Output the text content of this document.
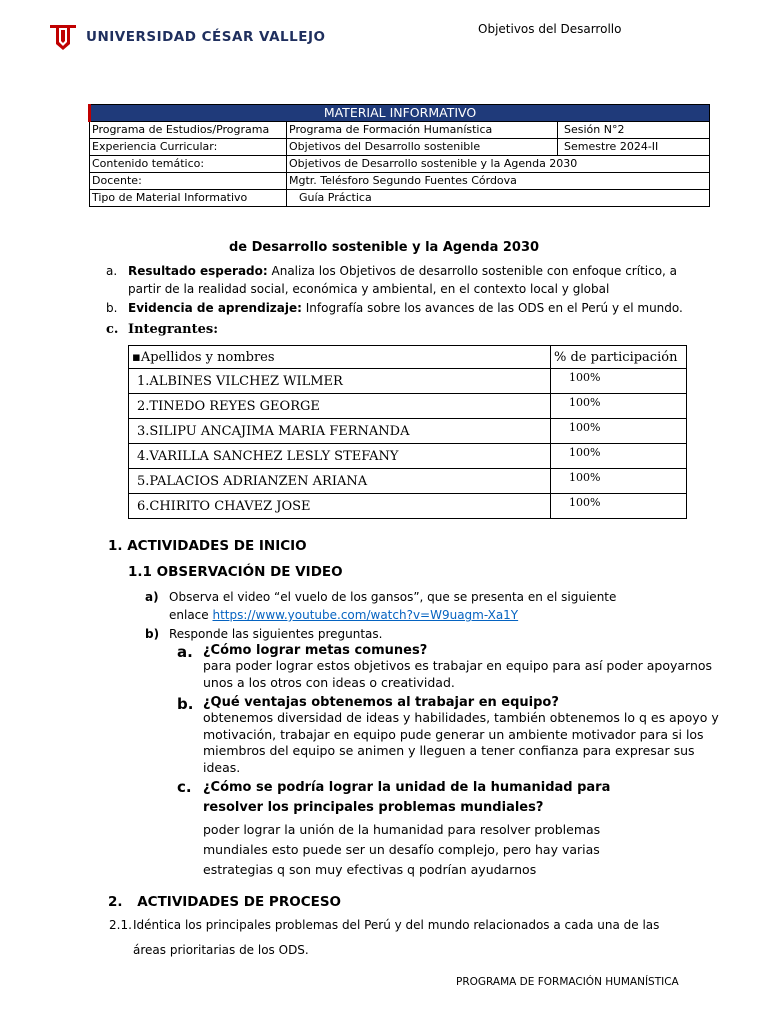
UNIVERSIDAD CÉSAR VALLEJO	Objetivos del Desarrollo
MATERIAL INFORMATIVO		
Programa de Estudios/Programa	Programa de Formación Humanística	Sesión N°2
Experiencia Curricular:	Objetivos del Desarrollo sostenible	Semestre 2024-II
Contenido temático:	Objetivos de Desarrollo sostenible y la Agenda 2030	
Docente:	Mgtr. Telésforo Segundo Fuentes Córdova	
Tipo de Material Informativo	Guía Práctica	
de Desarrollo sostenible y la Agenda 2030
a. Resultado esperado: Analiza los Objetivos de desarrollo sostenible con enfoque crítico, a partir de la realidad social, económica y ambiental, en el contexto local y global
b. Evidencia de aprendizaje: Infografía sobre los avances de las ODS en el Perú y el mundo.
c. Integrantes:
▪Apellidos y nombres	% de participación
1.ALBINES VILCHEZ WILMER	100%
2.TINEDO REYES GEORGE	100%
3.SILIPU ANCAJIMA MARIA FERNANDA	100%
4.VARILLA SANCHEZ LESLY STEFANY	100%
5.PALACIOS ADRIANZEN ARIANA	100%
6.CHIRITO CHAVEZ JOSE	100%
1. ACTIVIDADES DE INICIO
1.1 OBSERVACIÓN DE VIDEO
a) Observa el video “el vuelo de los gansos”, que se presenta en el siguiente
enlace https://www.youtube.com/watch?v=W9uagm-Xa1Y
b) Responde las siguientes preguntas.
a. ¿Cómo lograr metas comunes?
para poder lograr estos objetivos es trabajar en equipo para así poder apoyarnos unos a los otros con ideas o creatividad.
b. ¿Qué ventajas obtenemos al trabajar en equipo?
obtenemos diversidad de ideas y habilidades, también obtenemos lo q es apoyo y motivación, trabajar en equipo pude generar un ambiente motivador para si los miembros del equipo se animen y lleguen a tener confianza para expresar sus ideas.
c. ¿Cómo se podría lograr la unidad de la humanidad para resolver los principales problemas mundiales?
poder lograr la unión de la humanidad para resolver problemas mundiales esto puede ser un desafío complejo, pero hay varias estrategias q son muy efectivas q podrían ayudarnos
2. ACTIVIDADES DE PROCESO
2.1. Idéntica los principales problemas del Perú y del mundo relacionados a cada una de las áreas prioritarias de los ODS.
PROGRAMA DE FORMACIÓN HUMANÍSTICA
